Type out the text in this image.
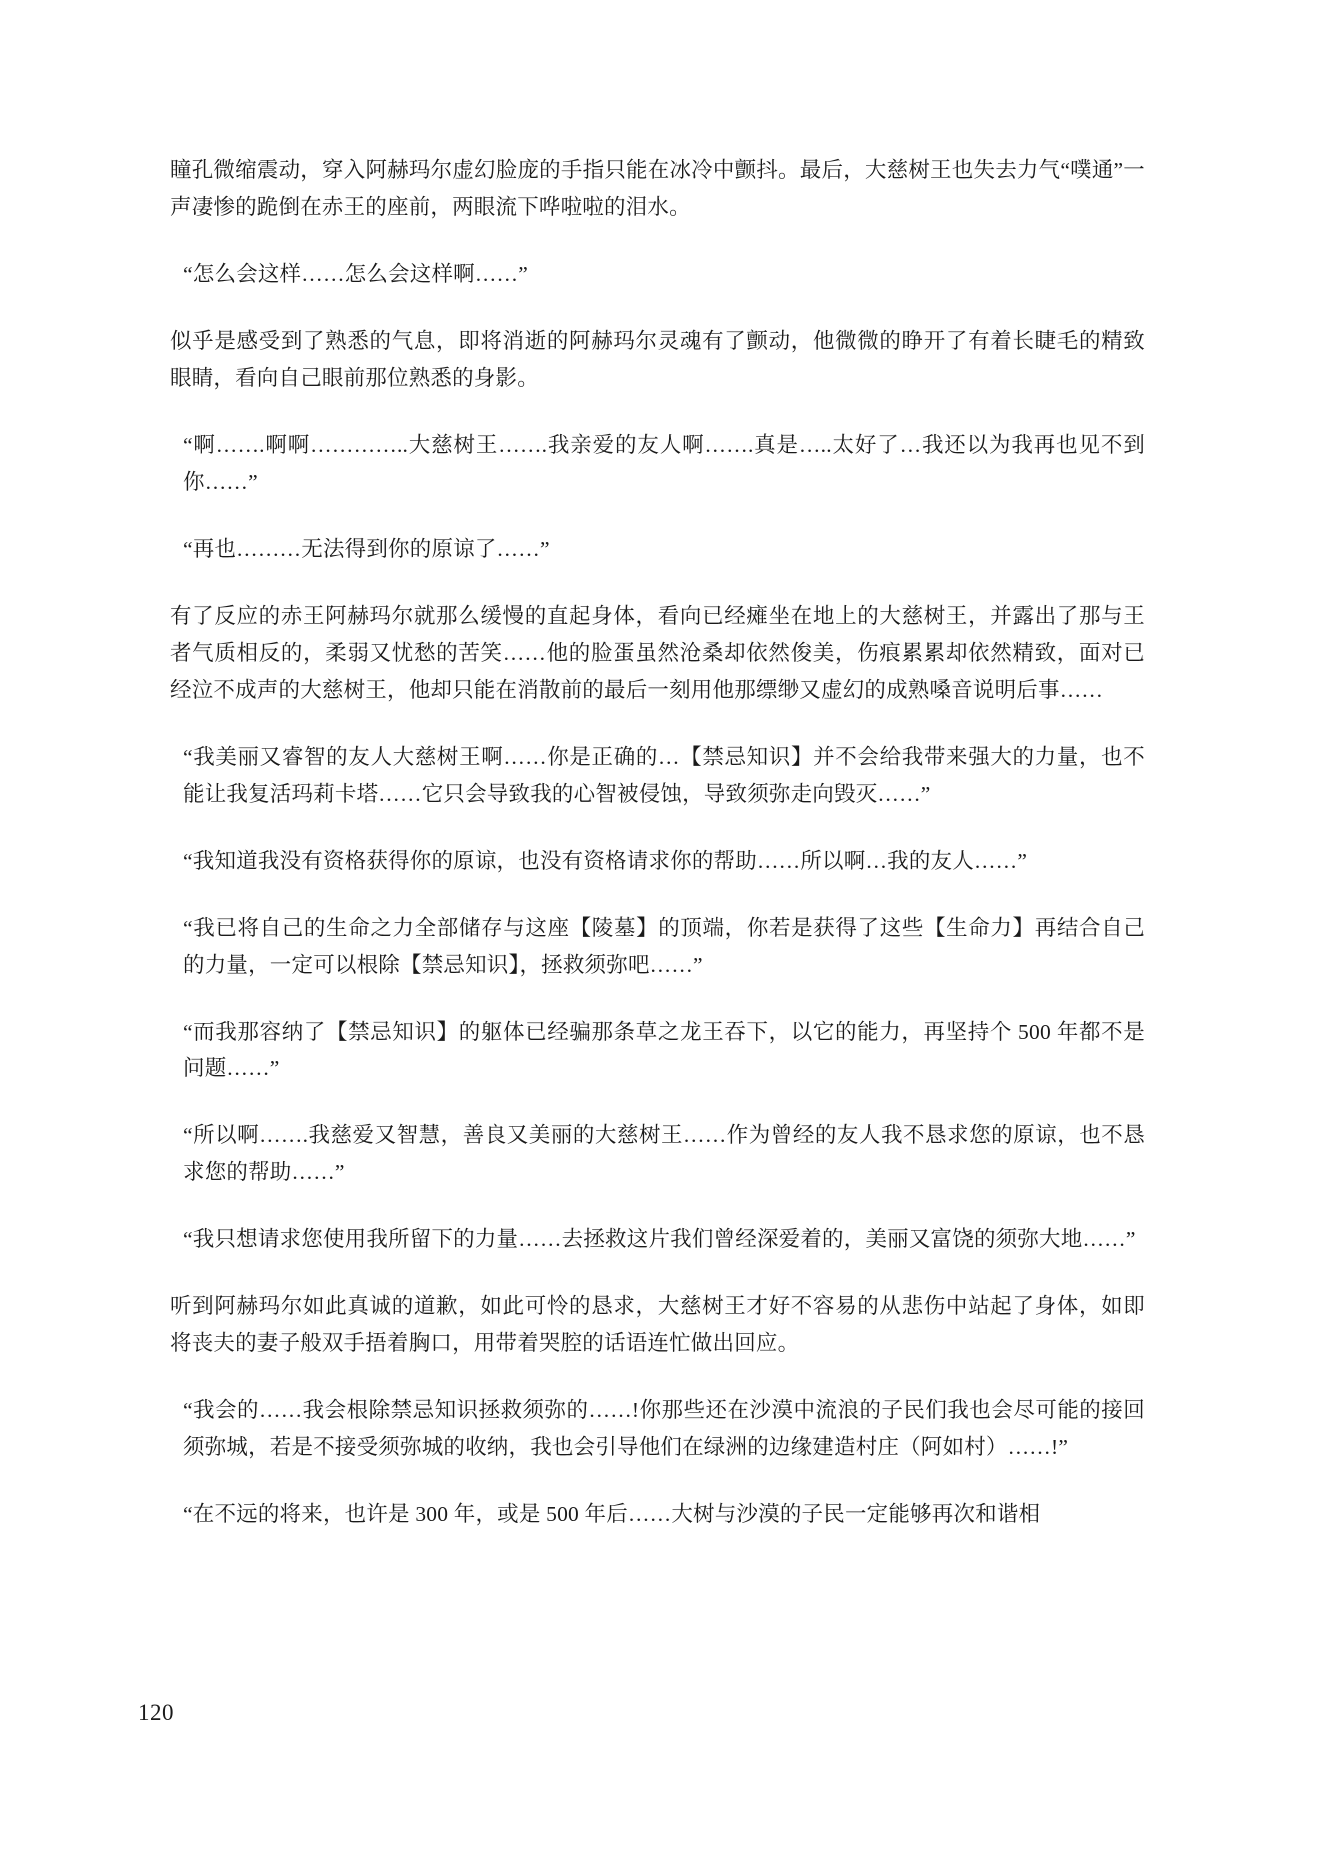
瞳孔微缩震动，穿入阿赫玛尔虚幻脸庞的手指只能在冰冷中颤抖。最后，大慈树王也失去力气“噗通”一声凄惨的跪倒在赤王的座前，两眼流下哗啦啦的泪水。

“怎么会这样……怎么会这样啊……”

似乎是感受到了熟悉的气息，即将消逝的阿赫玛尔灵魂有了颤动，他微微的睁开了有着长睫毛的精致眼睛，看向自己眼前那位熟悉的身影。

“啊…….啊啊…………..大慈树王…….我亲爱的友人啊…….真是…..太好了…我还以为我再也见不到你……”

“再也………无法得到你的原谅了……”

有了反应的赤王阿赫玛尔就那么缓慢的直起身体，看向已经瘫坐在地上的大慈树王，并露出了那与王者气质相反的，柔弱又忧愁的苦笑……他的脸蛋虽然沧桑却依然俊美，伤痕累累却依然精致，面对已经泣不成声的大慈树王，他却只能在消散前的最后一刻用他那缥缈又虚幻的成熟嗓音说明后事……

“我美丽又睿智的友人大慈树王啊……你是正确的…【禁忌知识】并不会给我带来强大的力量，也不能让我复活玛莉卡塔……它只会导致我的心智被侵蚀，导致须弥走向毁灭……”

“我知道我没有资格获得你的原谅，也没有资格请求你的帮助……所以啊…我的友人……”

“我已将自己的生命之力全部储存与这座【陵墓】的顶端，你若是获得了这些【生命力】再结合自己的力量，一定可以根除【禁忌知识】，拯救须弥吧……”

“而我那容纳了【禁忌知识】的躯体已经骗那条草之龙王吞下，以它的能力，再坚持个 500 年都不是问题……”

“所以啊…….我慈爱又智慧，善良又美丽的大慈树王……作为曾经的友人我不恳求您的原谅，也不恳求您的帮助……”

“我只想请求您使用我所留下的力量……去拯救这片我们曾经深爱着的，美丽又富饶的须弥大地……”

听到阿赫玛尔如此真诚的道歉，如此可怜的恳求，大慈树王才好不容易的从悲伤中站起了身体，如即将丧夫的妻子般双手捂着胸口，用带着哭腔的话语连忙做出回应。

“我会的……我会根除禁忌知识拯救须弥的……!你那些还在沙漠中流浪的子民们我也会尽可能的接回须弥城，若是不接受须弥城的收纳，我也会引导他们在绿洲的边缘建造村庄（阿如村）……!”

“在不远的将来，也许是 300 年，或是 500 年后……大树与沙漠的子民一定能够再次和谐相

120
